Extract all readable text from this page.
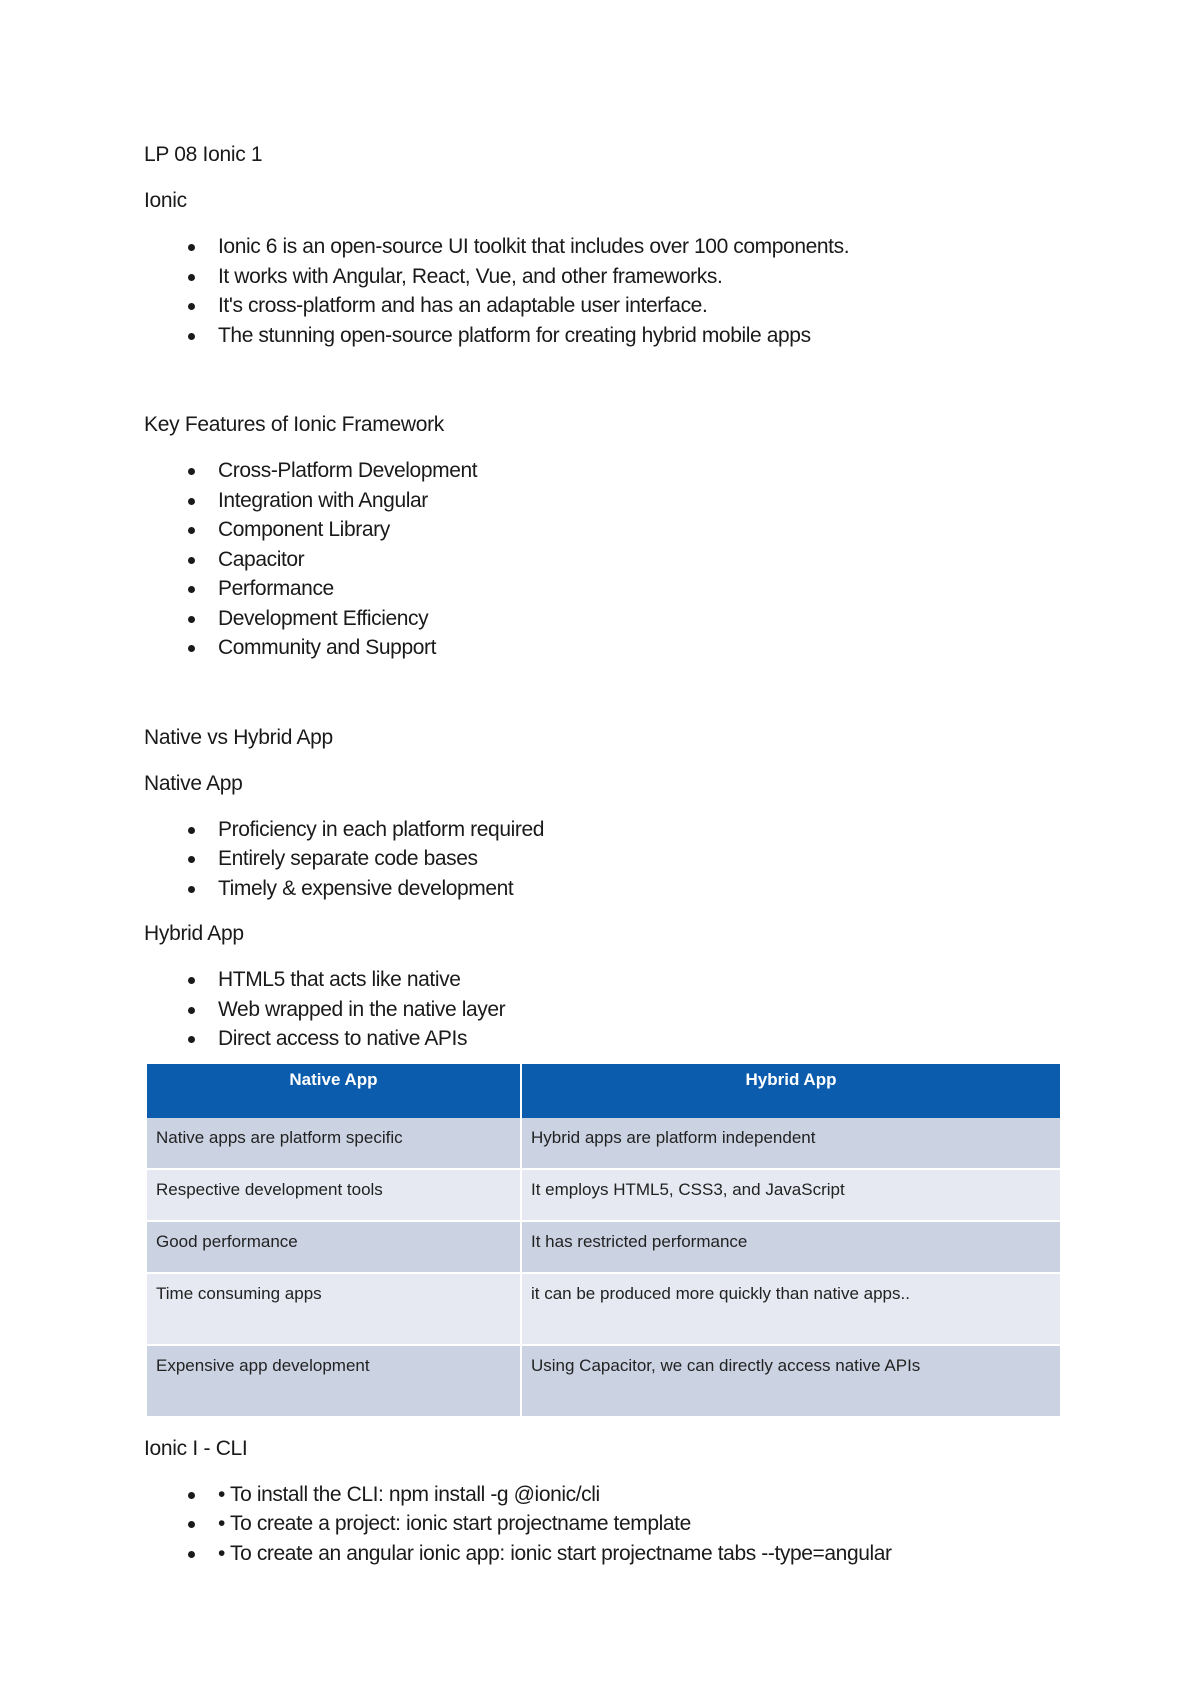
LP 08 Ionic 1

Ionic

Ionic 6 is an open-source UI toolkit that includes over 100 components.
It works with Angular, React, Vue, and other frameworks.
It's cross-platform and has an adaptable user interface.
The stunning open-source platform for creating hybrid mobile apps

Key Features of Ionic Framework

Cross-Platform Development
Integration with Angular
Component Library
Capacitor
Performance
Development Efficiency
Community and Support

Native vs Hybrid App

Native App

Proficiency in each platform required
Entirely separate code bases
Timely & expensive development

Hybrid App

HTML5 that acts like native
Web wrapped in the native layer
Direct access to native APIs
Native App	Hybrid App
Native apps are platform specific	Hybrid apps are platform independent
Respective development tools	It employs HTML5, CSS3, and JavaScript
Good performance	It has restricted performance
Time consuming apps	it can be produced more quickly than native apps..
Expensive app development	Using Capacitor, we can directly access native APIs

Ionic I - CLI

• To install the CLI: npm install -g @ionic/cli
• To create a project: ionic start projectname template
• To create an angular ionic app: ionic start projectname tabs --type=angular
